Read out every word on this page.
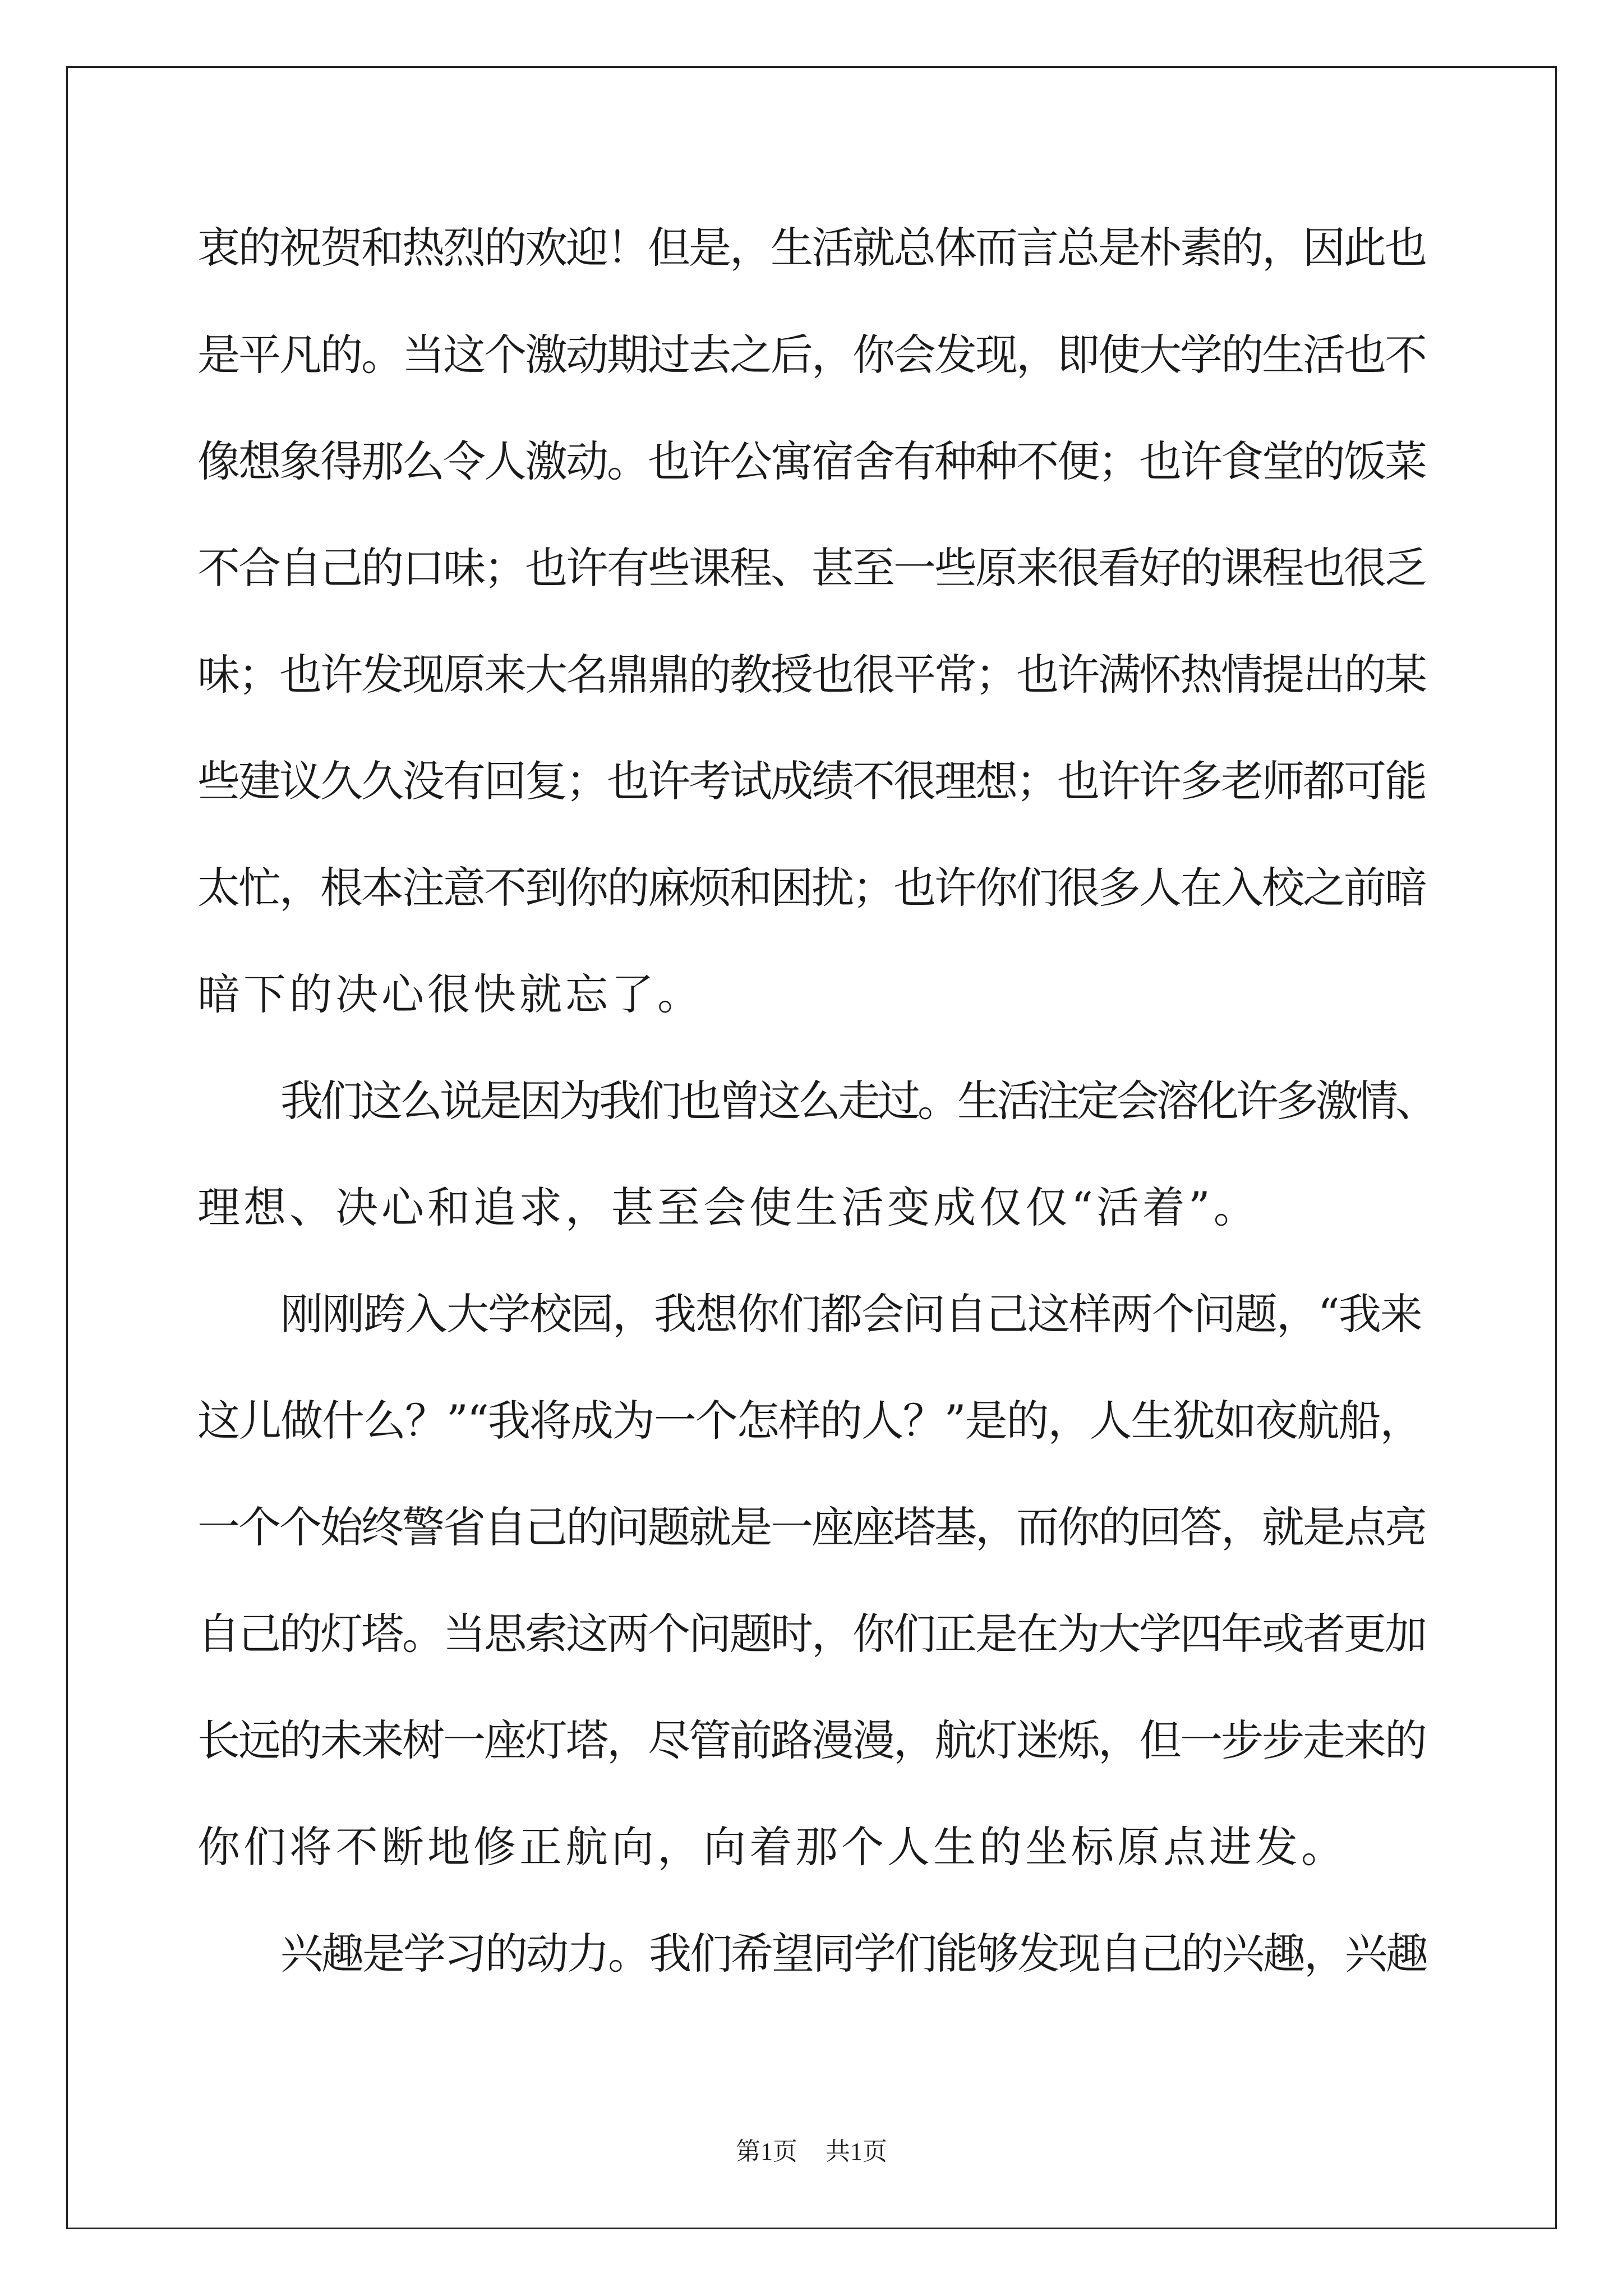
衷的祝贺和热烈的欢迎！但是，生活就总体而言总是朴素的，因此也
是平凡的。当这个激动期过去之后，你会发现，即使大学的生活也不
像想象得那么令人激动。也许公寓宿舍有种种不便；也许食堂的饭菜
不合自己的口味；也许有些课程、甚至一些原来很看好的课程也很乏
味；也许发现原来大名鼎鼎的教授也很平常；也许满怀热情提出的某
些建议久久没有回复；也许考试成绩不很理想；也许许多老师都可能
太忙，根本注意不到你的麻烦和困扰；也许你们很多人在入校之前暗
暗下的决心很快就忘了。
我们这么说是因为我们也曾这么走过。生活注定会溶化许多激情、
理想、决心和追求，甚至会使生活变成仅仅“活着”。
刚刚跨入大学校园，我想你们都会问自己这样两个问题，“我来
这儿做什么？”“我将成为一个怎样的人？”是的，人生犹如夜航船，
一个个始终警省自己的问题就是一座座塔基，而你的回答，就是点亮
自己的灯塔。当思索这两个问题时，你们正是在为大学四年或者更加
长远的未来树一座灯塔，尽管前路漫漫，航灯迷烁，但一步步走来的
你们将不断地修正航向，向着那个人生的坐标原点进发。
兴趣是学习的动力。我们希望同学们能够发现自己的兴趣，兴趣
第1页 共1页
